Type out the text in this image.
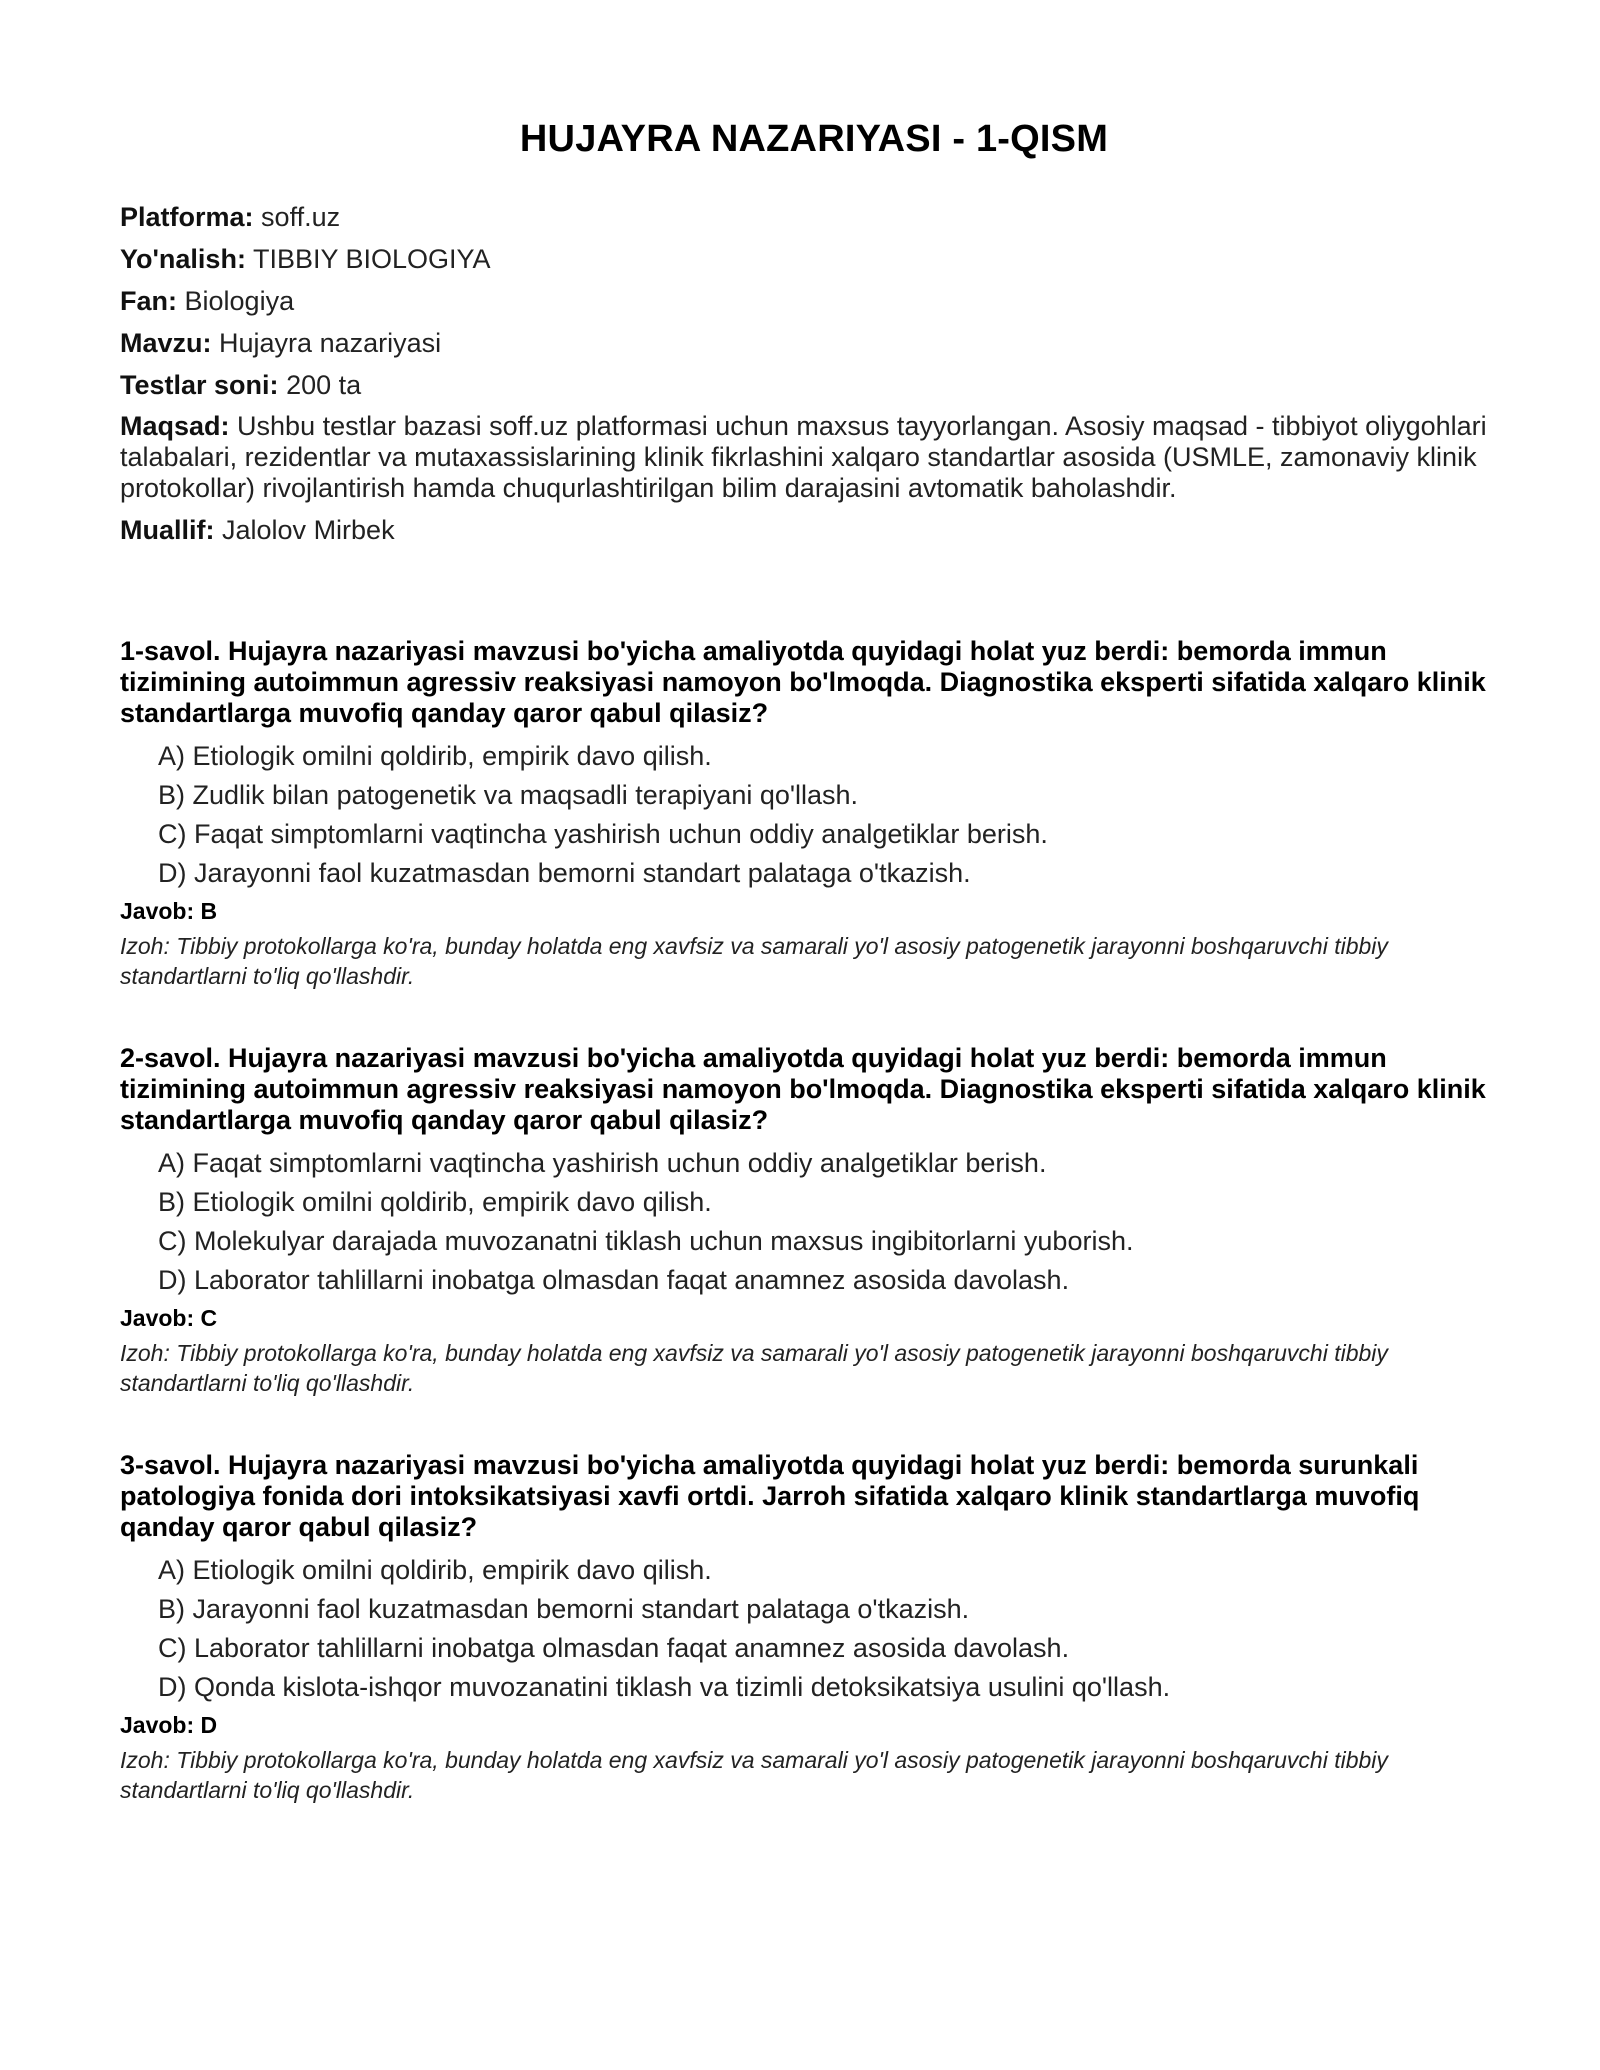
HUJAYRA NAZARIYASI - 1-QISM

Platforma: soff.uz

Yo'nalish: TIBBIY BIOLOGIYA

Fan: Biologiya

Mavzu: Hujayra nazariyasi

Testlar soni: 200 ta

Maqsad: Ushbu testlar bazasi soff.uz platformasi uchun maxsus tayyorlangan. Asosiy maqsad - tibbiyot oliygohlari talabalari, rezidentlar va mutaxassislarining klinik fikrlashini xalqaro standartlar asosida (USMLE, zamonaviy klinik protokollar) rivojlantirish hamda chuqurlashtirilgan bilim darajasini avtomatik baholashdir.

Muallif: Jalolov Mirbek

1-savol. Hujayra nazariyasi mavzusi bo'yicha amaliyotda quyidagi holat yuz berdi: bemorda immun tizimining autoimmun agressiv reaksiyasi namoyon bo'lmoqda. Diagnostika eksperti sifatida xalqaro klinik standartlarga muvofiq qanday qaror qabul qilasiz?

A) Etiologik omilni qoldirib, empirik davo qilish.
B) Zudlik bilan patogenetik va maqsadli terapiyani qo'llash.
C) Faqat simptomlarni vaqtincha yashirish uchun oddiy analgetiklar berish.
D) Jarayonni faol kuzatmasdan bemorni standart palataga o'tkazish.

Javob: B

Izoh: Tibbiy protokollarga ko'ra, bunday holatda eng xavfsiz va samarali yo'l asosiy patogenetik jarayonni boshqaruvchi tibbiy standartlarni to'liq qo'llashdir.

2-savol. Hujayra nazariyasi mavzusi bo'yicha amaliyotda quyidagi holat yuz berdi: bemorda immun tizimining autoimmun agressiv reaksiyasi namoyon bo'lmoqda. Diagnostika eksperti sifatida xalqaro klinik standartlarga muvofiq qanday qaror qabul qilasiz?

A) Faqat simptomlarni vaqtincha yashirish uchun oddiy analgetiklar berish.
B) Etiologik omilni qoldirib, empirik davo qilish.
C) Molekulyar darajada muvozanatni tiklash uchun maxsus ingibitorlarni yuborish.
D) Laborator tahlillarni inobatga olmasdan faqat anamnez asosida davolash.

Javob: C

Izoh: Tibbiy protokollarga ko'ra, bunday holatda eng xavfsiz va samarali yo'l asosiy patogenetik jarayonni boshqaruvchi tibbiy standartlarni to'liq qo'llashdir.

3-savol. Hujayra nazariyasi mavzusi bo'yicha amaliyotda quyidagi holat yuz berdi: bemorda surunkali patologiya fonida dori intoksikatsiyasi xavfi ortdi. Jarroh sifatida xalqaro klinik standartlarga muvofiq qanday qaror qabul qilasiz?

A) Etiologik omilni qoldirib, empirik davo qilish.
B) Jarayonni faol kuzatmasdan bemorni standart palataga o'tkazish.
C) Laborator tahlillarni inobatga olmasdan faqat anamnez asosida davolash.
D) Qonda kislota-ishqor muvozanatini tiklash va tizimli detoksikatsiya usulini qo'llash.

Javob: D

Izoh: Tibbiy protokollarga ko'ra, bunday holatda eng xavfsiz va samarali yo'l asosiy patogenetik jarayonni boshqaruvchi tibbiy standartlarni to'liq qo'llashdir.
